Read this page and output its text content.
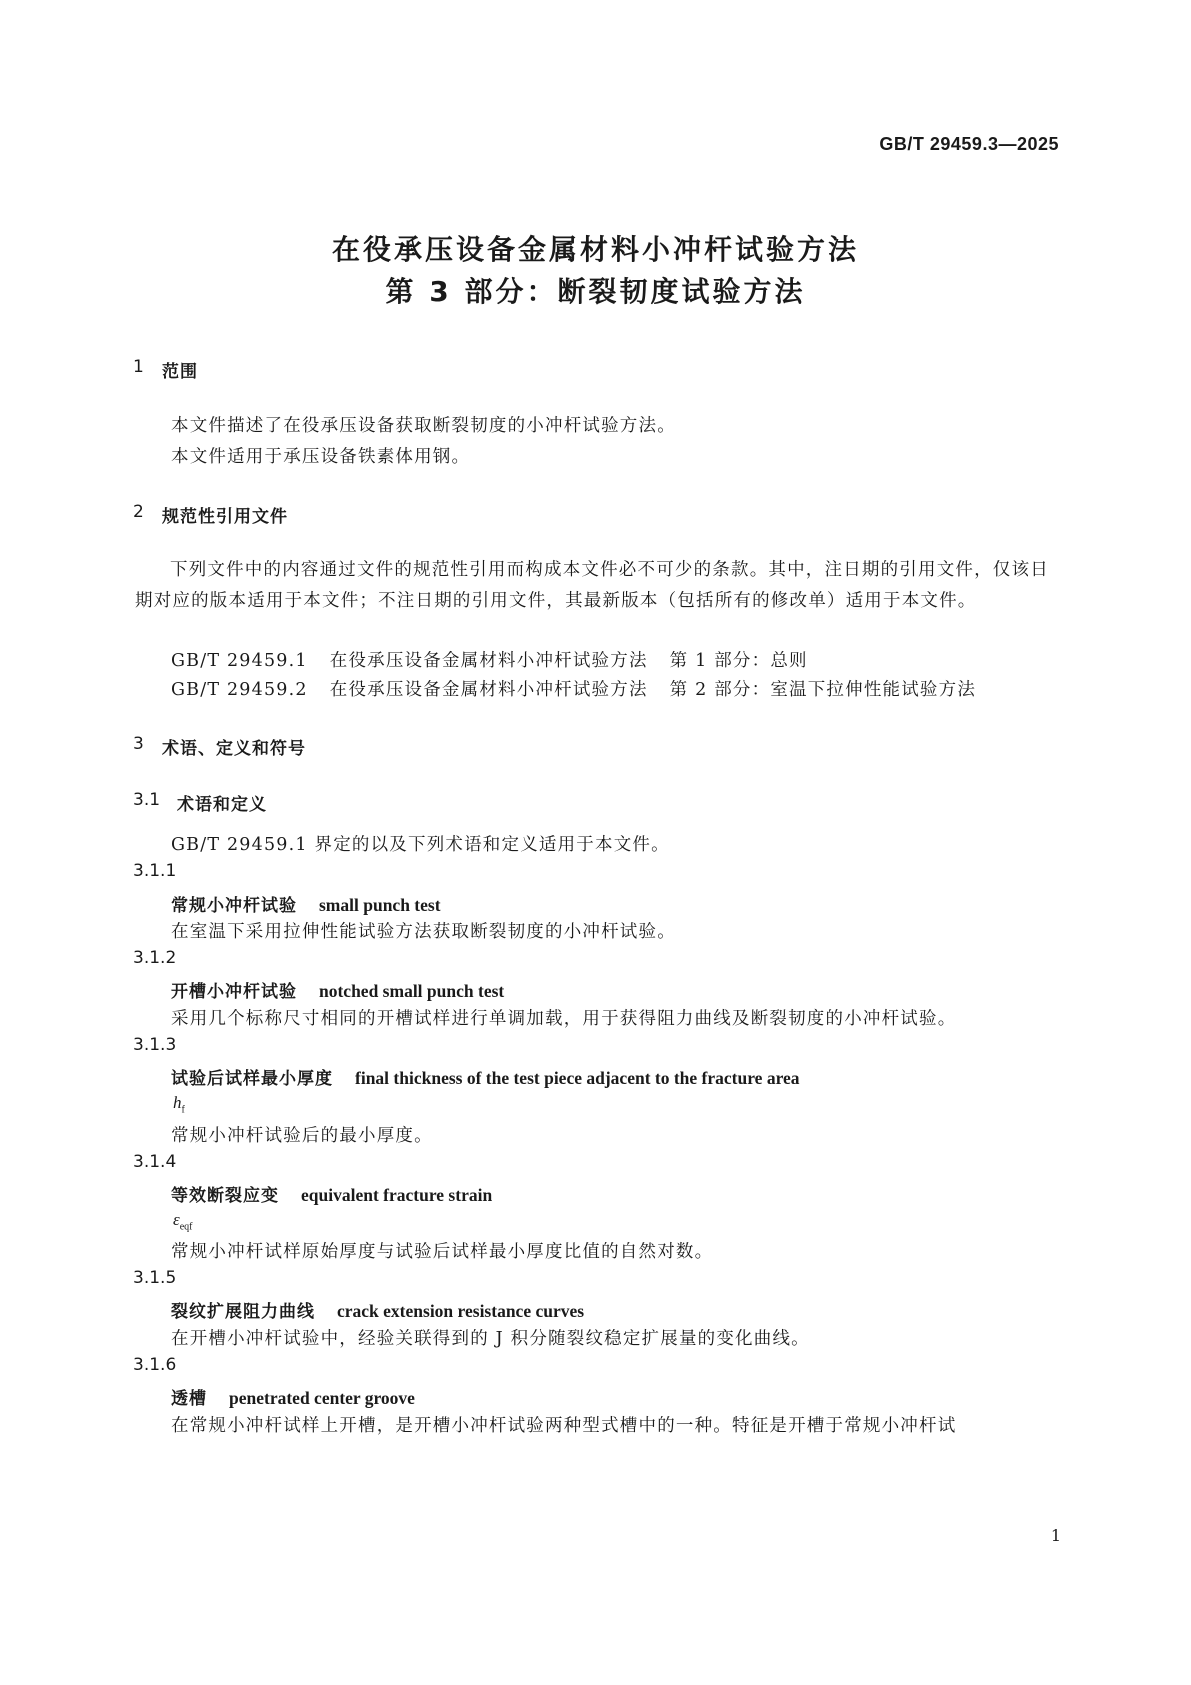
GB/T 29459.3—2025
在役承压设备金属材料小冲杆试验方法
第 3 部分：断裂韧度试验方法
1 范围
本文件描述了在役承压设备获取断裂韧度的小冲杆试验方法。
本文件适用于承压设备铁素体用钢。
2 规范性引用文件
下列文件中的内容通过文件的规范性引用而构成本文件必不可少的条款。其中，注日期的引用文件，仅该日期对应的版本适用于本文件；不注日期的引用文件，其最新版本（包括所有的修改单）适用于本文件。
GB/T 29459.1 在役承压设备金属材料小冲杆试验方法 第 1 部分：总则
GB/T 29459.2 在役承压设备金属材料小冲杆试验方法 第 2 部分：室温下拉伸性能试验方法
3 术语、定义和符号
3.1 术语和定义
GB/T 29459.1 界定的以及下列术语和定义适用于本文件。
3.1.1
常规小冲杆试验 small punch test
在室温下采用拉伸性能试验方法获取断裂韧度的小冲杆试验。
3.1.2
开槽小冲杆试验 notched small punch test
采用几个标称尺寸相同的开槽试样进行单调加载，用于获得阻力曲线及断裂韧度的小冲杆试验。
3.1.3
试验后试样最小厚度 final thickness of the test piece adjacent to the fracture area
$h_f$
常规小冲杆试验后的最小厚度。
3.1.4
等效断裂应变 equivalent fracture strain
$\varepsilon_{eqf}$
常规小冲杆试样原始厚度与试验后试样最小厚度比值的自然对数。
3.1.5
裂纹扩展阻力曲线 crack extension resistance curves
在开槽小冲杆试验中，经验关联得到的 J 积分随裂纹稳定扩展量的变化曲线。
3.1.6
透槽 penetrated center groove
在常规小冲杆试样上开槽，是开槽小冲杆试验两种型式槽中的一种。特征是开槽于常规小冲杆试
1
